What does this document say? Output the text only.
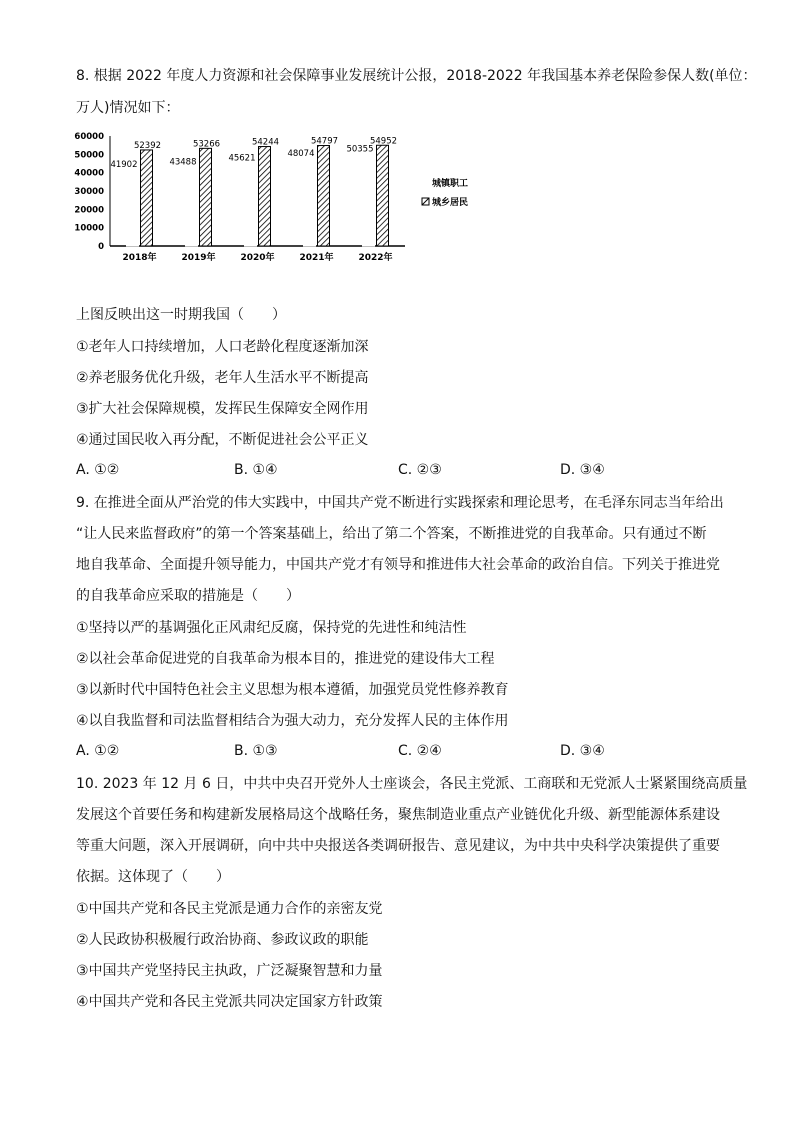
8. 根据 2022 年度人力资源和社会保障事业发展统计公报，2018-2022 年我国基本养老保险参保人数(单位：
万人)情况如下：
60000
50000
40000
30000
20000
10000
0
2018年	2019年	2020年	2021年	2022年
41902
52392
43488
53266
45621
54244
48074
54797
50355
54952
上图反映出这一时期我国（　　）
①老年人口持续增加，人口老龄化程度逐渐加深
②养老服务优化升级，老年人生活水平不断提高
③扩大社会保障规模，发挥民生保障安全网作用
④通过国民收入再分配，不断促进社会公平正义
A. ①②	B. ①④	C. ②③	D. ③④
9. 在推进全面从严治党的伟大实践中，中国共产党不断进行实践探索和理论思考，在毛泽东同志当年给出
“让人民来监督政府”的第一个答案基础上，给出了第二个答案，不断推进党的自我革命。只有通过不断
地自我革命、全面提升领导能力，中国共产党才有领导和推进伟大社会革命的政治自信。下列关于推进党
的自我革命应采取的措施是（　　）
①坚持以严的基调强化正风肃纪反腐，保持党的先进性和纯洁性
②以社会革命促进党的自我革命为根本目的，推进党的建设伟大工程
③以新时代中国特色社会主义思想为根本遵循，加强党员党性修养教育
④以自我监督和司法监督相结合为强大动力，充分发挥人民的主体作用
A. ①②	B. ①③	C. ②④	D. ③④
10. 2023 年 12 月 6 日，中共中央召开党外人士座谈会，各民主党派、工商联和无党派人士紧紧围绕高质量
发展这个首要任务和构建新发展格局这个战略任务，聚焦制造业重点产业链优化升级、新型能源体系建设
等重大问题，深入开展调研，向中共中央报送各类调研报告、意见建议，为中共中央科学决策提供了重要
依据。这体现了（　　）
①中国共产党和各民主党派是通力合作的亲密友党
②人民政协积极履行政治协商、参政议政的职能
③中国共产党坚持民主执政，广泛凝聚智慧和力量
④中国共产党和各民主党派共同决定国家方针政策
城镇职工
城乡居民
